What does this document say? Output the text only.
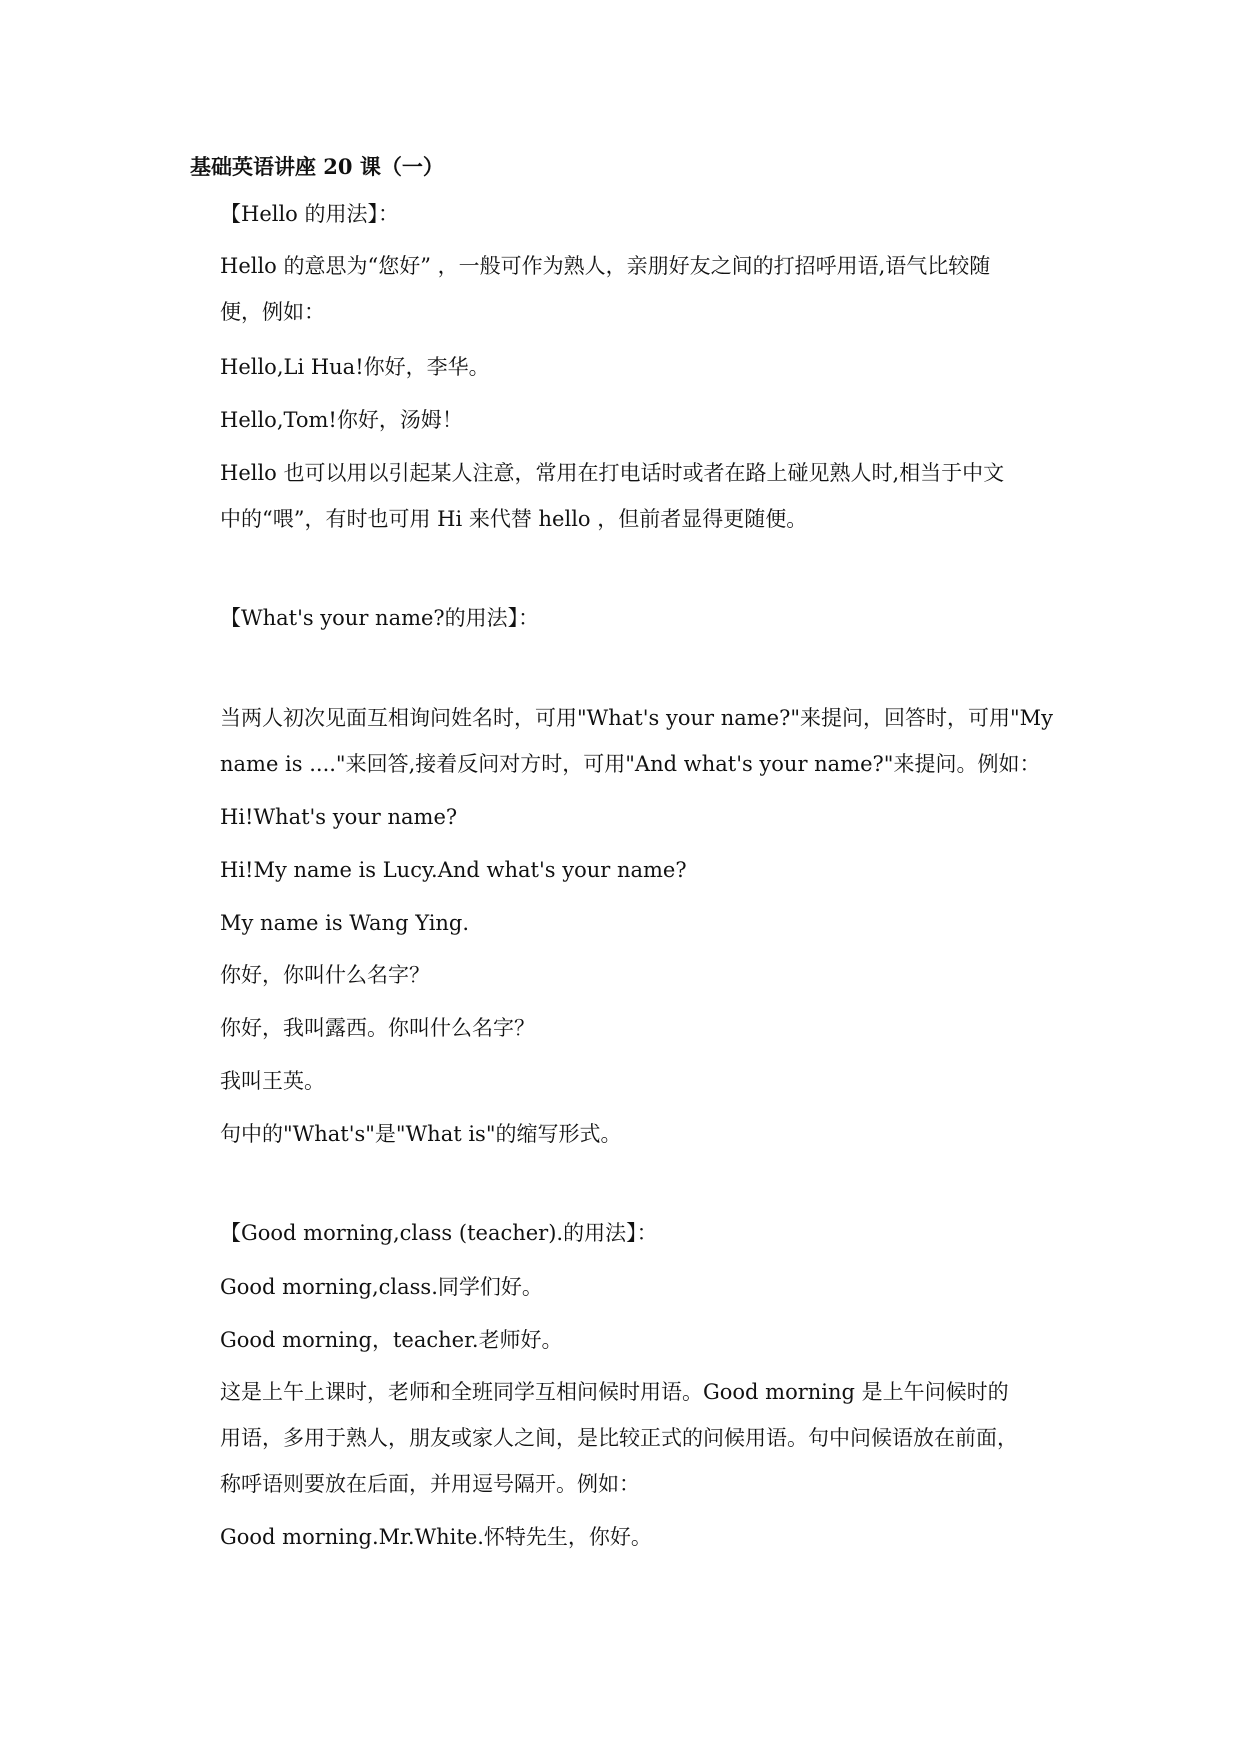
基础英语讲座 20 课（一）
【Hello 的用法】：
Hello 的意思为“您好” ，一般可作为熟人，亲朋好友之间的打招呼用语,语气比较随
便，例如：
Hello,Li Hua!你好，李华。
Hello,Tom!你好，汤姆！
Hello 也可以用以引起某人注意，常用在打电话时或者在路上碰见熟人时,相当于中文
中的“喂”，有时也可用 Hi 来代替 hello ，但前者显得更随便。
【What's your name?的用法】：
当两人初次见面互相询问姓名时，可用"What's your name?"来提问，回答时，可用"My
name is ...."来回答,接着反问对方时，可用"And what's your name?"来提问。例如：
Hi!What's your name?
Hi!My name is Lucy.And what's your name?
My name is Wang Ying.
你好，你叫什么名字？
你好，我叫露西。你叫什么名字？
我叫王英。
句中的"What's"是"What is"的缩写形式。
【Good morning,class (teacher).的用法】：
Good morning,class.同学们好。
Good morning，teacher.老师好。
这是上午上课时，老师和全班同学互相问候时用语。Good morning 是上午问候时的
用语，多用于熟人，朋友或家人之间，是比较正式的问候用语。句中问候语放在前面，
称呼语则要放在后面，并用逗号隔开。例如：
Good morning.Mr.White.怀特先生，你好。
